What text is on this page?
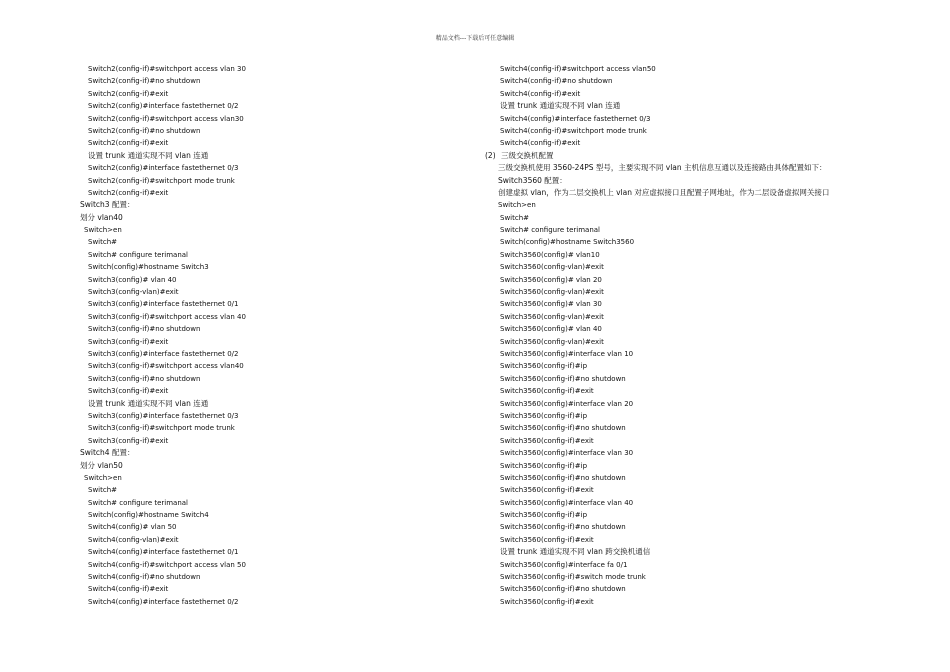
精品文档---下载后可任意编辑
Switch2(config-if)#switchport access vlan 30
Switch2(config-if)#no shutdown
Switch2(config-if)#exit
Switch2(config)#interface fastethernet 0/2
Switch2(config-if)#switchport access vlan30
Switch2(config-if)#no shutdown
Switch2(config-if)#exit
设置 trunk 通道实现不同 vlan 连通
Switch2(config)#interface fastethernet 0/3
Switch2(config-if)#switchport mode trunk
Switch2(config-if)#exit
Switch3 配置：
划分 vlan40
Switch>en
Switch#
Switch# configure terimanal
Switch(config)#hostname Switch3
Switch3(config)# vlan 40
Switch3(config-vlan)#exit
Switch3(config)#interface fastethernet 0/1
Switch3(config-if)#switchport access vlan 40
Switch3(config-if)#no shutdown
Switch3(config-if)#exit
Switch3(config)#interface fastethernet 0/2
Switch3(config-if)#switchport access vlan40
Switch3(config-if)#no shutdown
Switch3(config-if)#exit
设置 trunk 通道实现不同 vlan 连通
Switch3(config)#interface fastethernet 0/3
Switch3(config-if)#switchport mode trunk
Switch3(config-if)#exit
Switch4 配置：
划分 vlan50
Switch>en
Switch#
Switch# configure terimanal
Switch(config)#hostname Switch4
Switch4(config)# vlan 50
Switch4(config-vlan)#exit
Switch4(config)#interface fastethernet 0/1
Switch4(config-if)#switchport access vlan 50
Switch4(config-if)#no shutdown
Switch4(config-if)#exit
Switch4(config)#interface fastethernet 0/2
Switch4(config-if)#switchport access vlan50
Switch4(config-if)#no shutdown
Switch4(config-if)#exit
设置 trunk 通道实现不同 vlan 连通
Switch4(config)#interface fastethernet 0/3
Switch4(config-if)#switchport mode trunk
Switch4(config-if)#exit
(2) 三级交换机配置
三级交换机使用 3560-24PS 型号，主要实现不同 vlan 主机信息互通以及连接路由具体配置如下：
Switch3560 配置：
创建虚拟 vlan，作为二层交换机上 vlan 对应虚拟接口且配置子网地址，作为二层设备虚拟网关接口
Switch>en
Switch#
Switch# configure terimanal
Switch(config)#hostname Switch3560
Switch3560(config)# vlan10
Switch3560(config-vlan)#exit
Switch3560(config)# vlan 20
Switch3560(config-vlan)#exit
Switch3560(config)# vlan 30
Switch3560(config-vlan)#exit
Switch3560(config)# vlan 40
Switch3560(config-vlan)#exit
Switch3560(config)#interface vlan 10
Switch3560(config-if)#ip
Switch3560(config-if)#no shutdown
Switch3560(config-if)#exit
Switch3560(config)#interface vlan 20
Switch3560(config-if)#ip
Switch3560(config-if)#no shutdown
Switch3560(config-if)#exit
Switch3560(config)#interface vlan 30
Switch3560(config-if)#ip
Switch3560(config-if)#no shutdown
Switch3560(config-if)#exit
Switch3560(config)#interface vlan 40
Switch3560(config-if)#ip
Switch3560(config-if)#no shutdown
Switch3560(config-if)#exit
设置 trunk 通道实现不同 vlan 跨交换机通信
Switch3560(config)#interface fa 0/1
Switch3560(config-if)#switch mode trunk
Switch3560(config-if)#no shutdown
Switch3560(config-if)#exit
